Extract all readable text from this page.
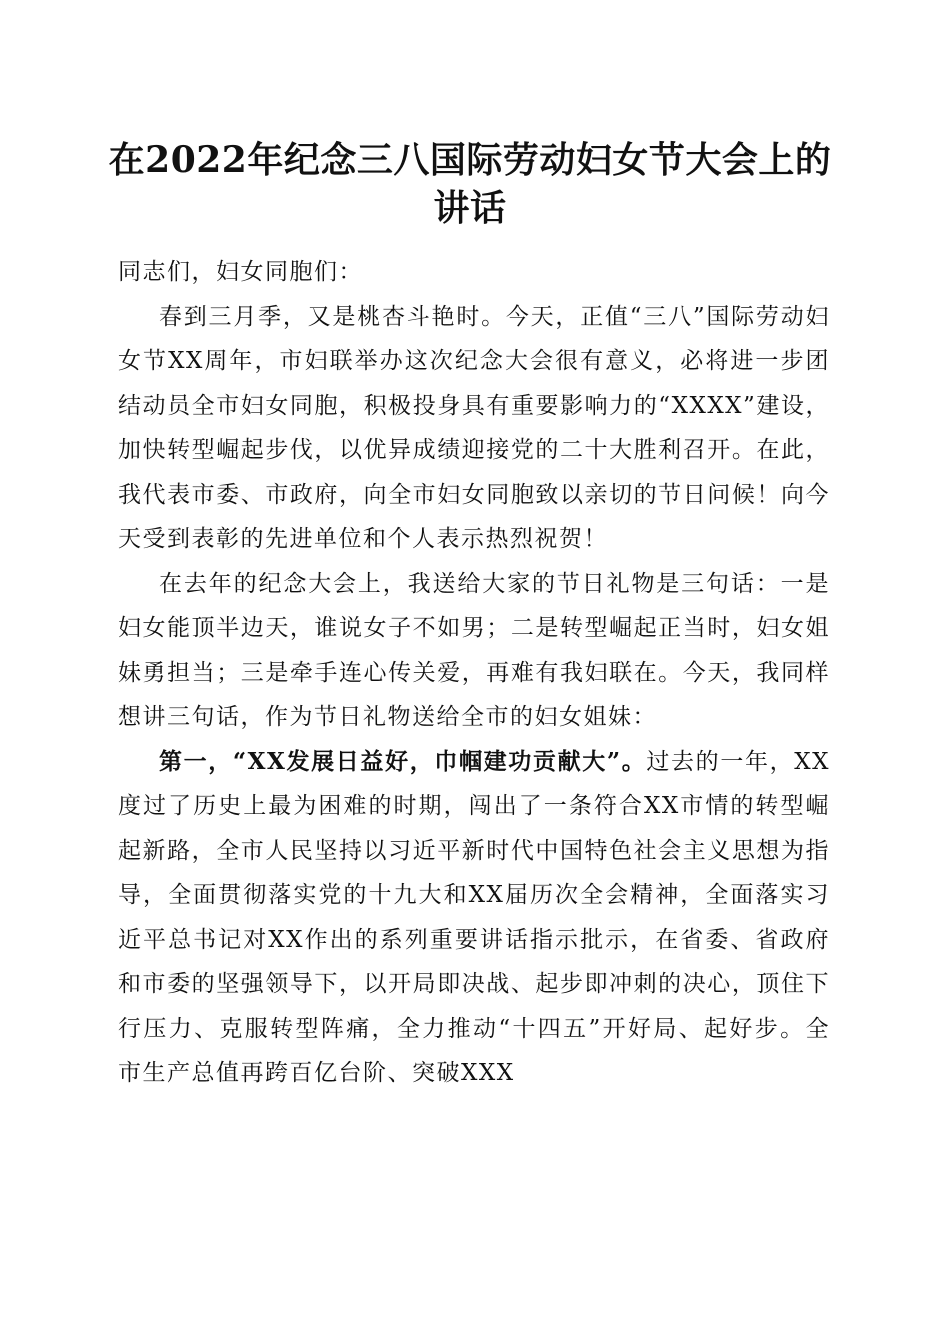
在2022年纪念三八国际劳动妇女节大会上的
讲话

同志们，妇女同胞们：

春到三月季，又是桃杏斗艳时。今天，正值“三八”国际劳动妇女节XX周年，市妇联举办这次纪念大会很有意义，必将进一步团结动员全市妇女同胞，积极投身具有重要影响力的“XXXX”建设，加快转型崛起步伐，以优异成绩迎接党的二十大胜利召开。在此，我代表市委、市政府，向全市妇女同胞致以亲切的节日问候！向今天受到表彰的先进单位和个人表示热烈祝贺！

在去年的纪念大会上，我送给大家的节日礼物是三句话：一是妇女能顶半边天，谁说女子不如男；二是转型崛起正当时，妇女姐妹勇担当；三是牵手连心传关爱，再难有我妇联在。今天，我同样想讲三句话，作为节日礼物送给全市的妇女姐妹：

第一，“XX发展日益好，巾帼建功贡献大”。过去的一年，XX度过了历史上最为困难的时期，闯出了一条符合XX市情的转型崛起新路，全市人民坚持以习近平新时代中国特色社会主义思想为指导，全面贯彻落实党的十九大和XX届历次全会精神，全面落实习近平总书记对XX作出的系列重要讲话指示批示，在省委、省政府和市委的坚强领导下，以开局即决战、起步即冲刺的决心，顶住下行压力、克服转型阵痛，全力推动“十四五”开好局、起好步。全市生产总值再跨百亿台阶、突破XXX
